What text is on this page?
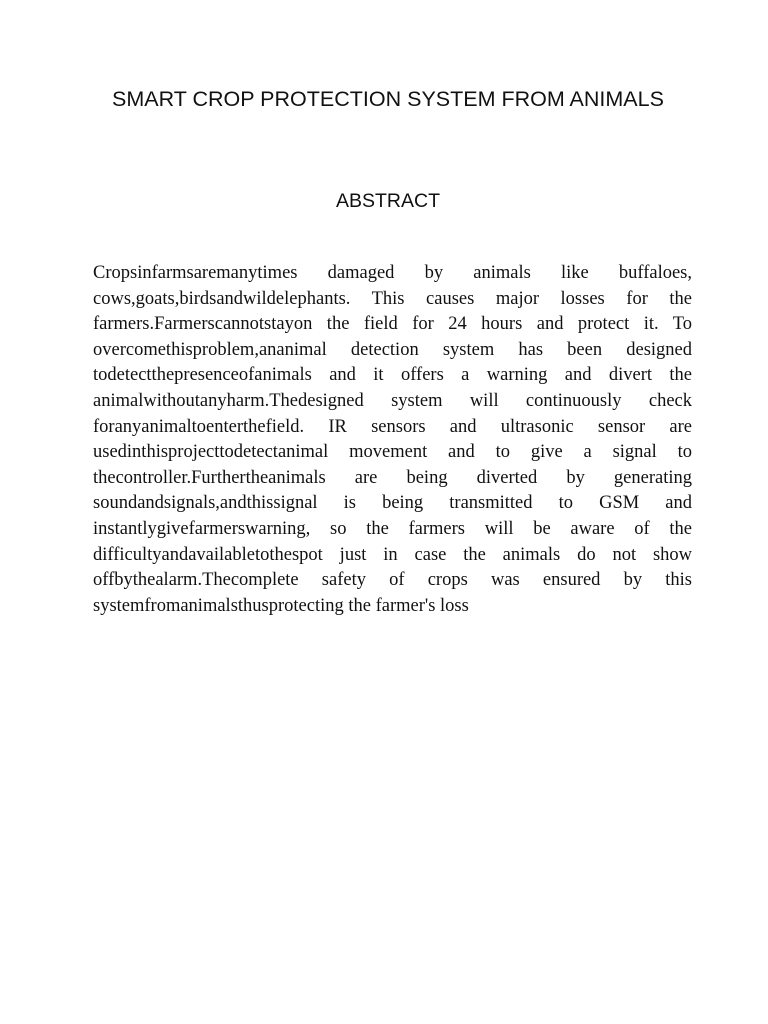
SMART CROP PROTECTION SYSTEM FROM ANIMALS
ABSTRACT
Cropsinfarmsaremanytimes damaged by animals like buffaloes,
cows,goats,birdsandwildelephants. This causes major losses for the
farmers.Farmerscannotstayon the field for 24 hours and protect it. To
overcomethisproblem,ananimal detection system has been designed
todetectthepresenceofanimals and it offers a warning and divert the
animalwithoutanyharm.Thedesigned system will continuously check
foranyanimaltoenterthefield. IR sensors and ultrasonic sensor are
usedinthisprojecttodetectanimal movement and to give a signal to
thecontroller.Furthertheanimals are being diverted by generating
soundandsignals,andthissignal is being transmitted to GSM and
instantlygivefarmerswarning, so the farmers will be aware of the
difficultyandavailabletothespot just in case the animals do not show
offbythealarm.Thecomplete safety of crops was ensured by this
systemfromanimalsthusprotecting the farmer's loss
